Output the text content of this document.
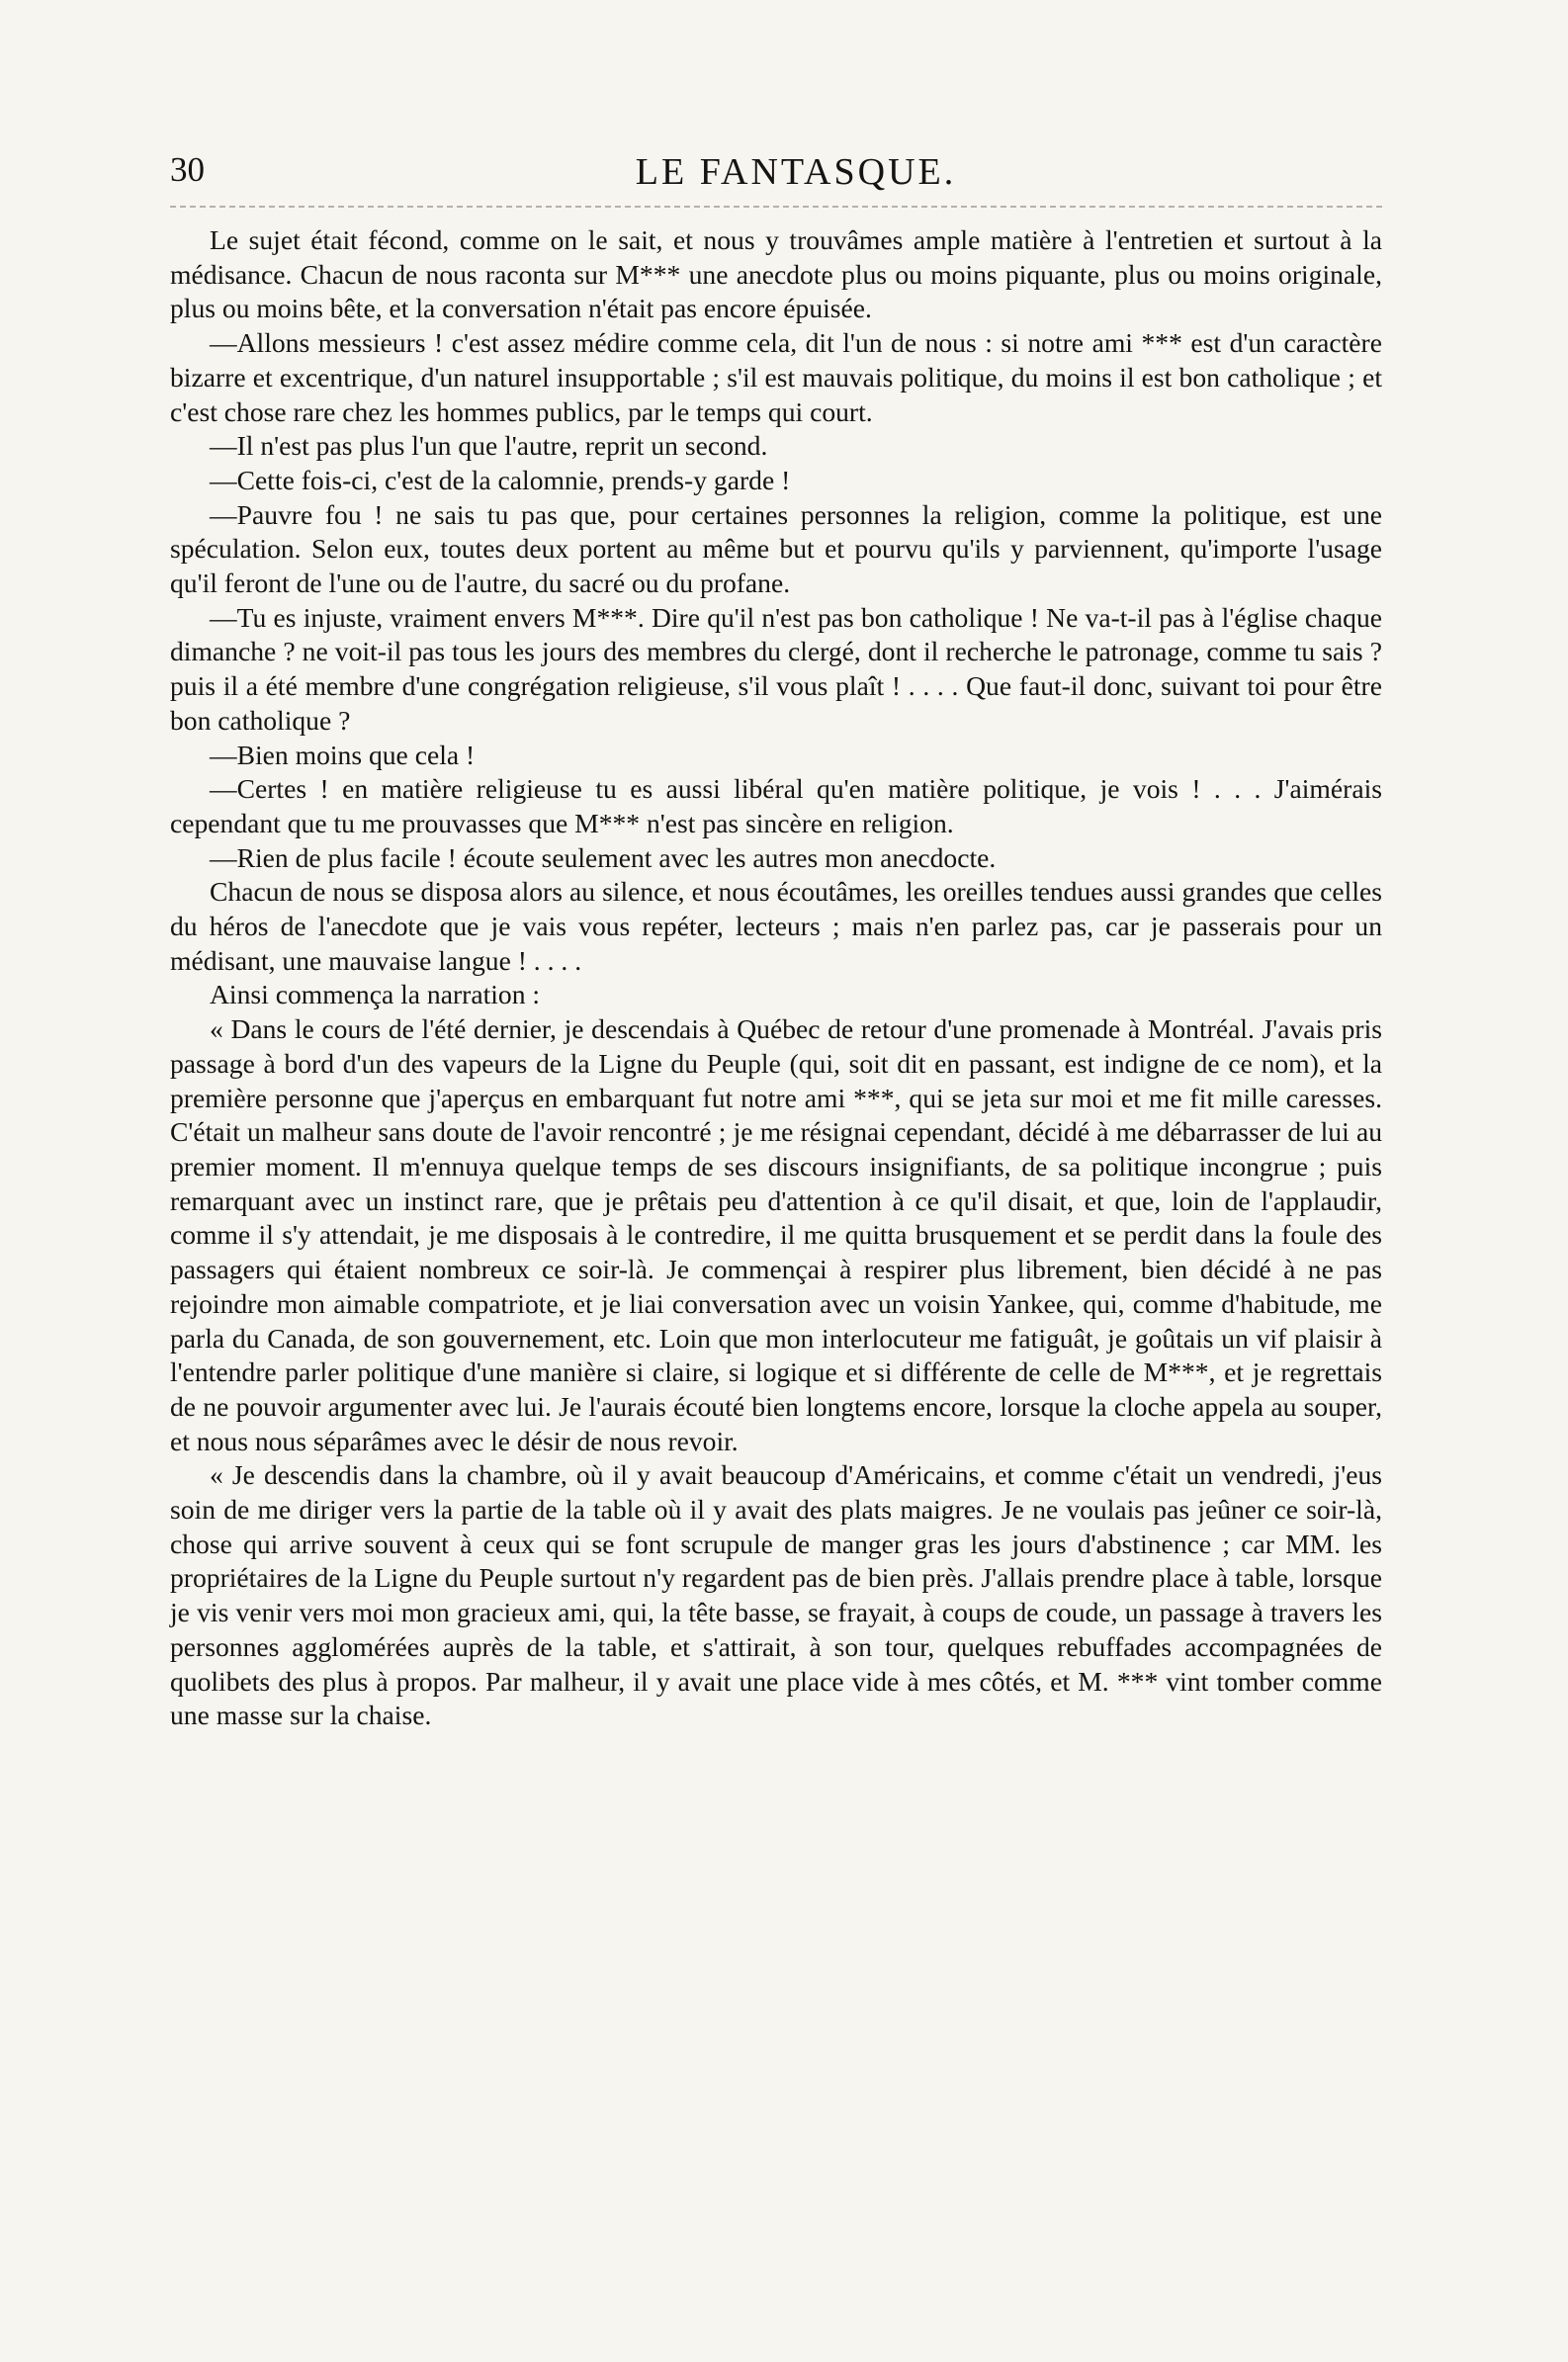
30	LE FANTASQUE.

Le sujet était fécond, comme on le sait, et nous y trouvâmes ample matière à l'entretien et surtout à la médisance. Chacun de nous raconta sur M*** une anecdote plus ou moins piquante, plus ou moins originale, plus ou moins bête, et la conversation n'était pas encore épuisée.

—Allons messieurs ! c'est assez médire comme cela, dit l'un de nous : si notre ami *** est d'un caractère bizarre et excentrique, d'un naturel insupportable ; s'il est mauvais politique, du moins il est bon catholique ; et c'est chose rare chez les hommes publics, par le temps qui court.

—Il n'est pas plus l'un que l'autre, reprit un second.

—Cette fois-ci, c'est de la calomnie, prends-y garde !

—Pauvre fou ! ne sais tu pas que, pour certaines personnes la religion, comme la politique, est une spéculation. Selon eux, toutes deux portent au même but et pourvu qu'ils y parviennent, qu'importe l'usage qu'il feront de l'une ou de l'autre, du sacré ou du profane.

—Tu es injuste, vraiment envers M***. Dire qu'il n'est pas bon catholique ! Ne va-t-il pas à l'église chaque dimanche ? ne voit-il pas tous les jours des membres du clergé, dont il recherche le patronage, comme tu sais ? puis il a été membre d'une congrégation religieuse, s'il vous plaît ! . . . . Que faut-il donc, suivant toi pour être bon catholique ?

—Bien moins que cela !

—Certes ! en matière religieuse tu es aussi libéral qu'en matière politique, je vois ! . . . J'aimérais cependant que tu me prouvasses que M*** n'est pas sincère en religion.

—Rien de plus facile ! écoute seulement avec les autres mon anecdocte.

Chacun de nous se disposa alors au silence, et nous écoutâmes, les oreilles tendues aussi grandes que celles du héros de l'anecdote que je vais vous repéter, lecteurs ; mais n'en parlez pas, car je passerais pour un médisant, une mauvaise langue ! . . . .

Ainsi commença la narration :

« Dans le cours de l'été dernier, je descendais à Québec de retour d'une promenade à Montréal. J'avais pris passage à bord d'un des vapeurs de la Ligne du Peuple (qui, soit dit en passant, est indigne de ce nom), et la première personne que j'aperçus en embarquant fut notre ami ***, qui se jeta sur moi et me fit mille caresses. C'était un malheur sans doute de l'avoir rencontré ; je me résignai cependant, décidé à me débarrasser de lui au premier moment. Il m'ennuya quelque temps de ses discours insignifiants, de sa politique incongrue ; puis remarquant avec un instinct rare, que je prêtais peu d'attention à ce qu'il disait, et que, loin de l'applaudir, comme il s'y attendait, je me disposais à le contredire, il me quitta brusquement et se perdit dans la foule des passagers qui étaient nombreux ce soir-là. Je commençai à respirer plus librement, bien décidé à ne pas rejoindre mon aimable compatriote, et je liai conversation avec un voisin Yankee, qui, comme d'habitude, me parla du Canada, de son gouvernement, etc. Loin que mon interlocuteur me fatiguât, je goûtais un vif plaisir à l'entendre parler politique d'une manière si claire, si logique et si différente de celle de M***, et je regrettais de ne pouvoir argumenter avec lui. Je l'aurais écouté bien longtems encore, lorsque la cloche appela au souper, et nous nous séparâmes avec le désir de nous revoir.

« Je descendis dans la chambre, où il y avait beaucoup d'Américains, et comme c'était un vendredi, j'eus soin de me diriger vers la partie de la table où il y avait des plats maigres. Je ne voulais pas jeûner ce soir-là, chose qui arrive souvent à ceux qui se font scrupule de manger gras les jours d'abstinence ; car MM. les propriétaires de la Ligne du Peuple surtout n'y regardent pas de bien près. J'allais prendre place à table, lorsque je vis venir vers moi mon gracieux ami, qui, la tête basse, se frayait, à coups de coude, un passage à travers les personnes agglomérées auprès de la table, et s'attirait, à son tour, quelques rebuffades accompagnées de quolibets des plus à propos. Par malheur, il y avait une place vide à mes côtés, et M. *** vint tomber comme une masse sur la chaise.
